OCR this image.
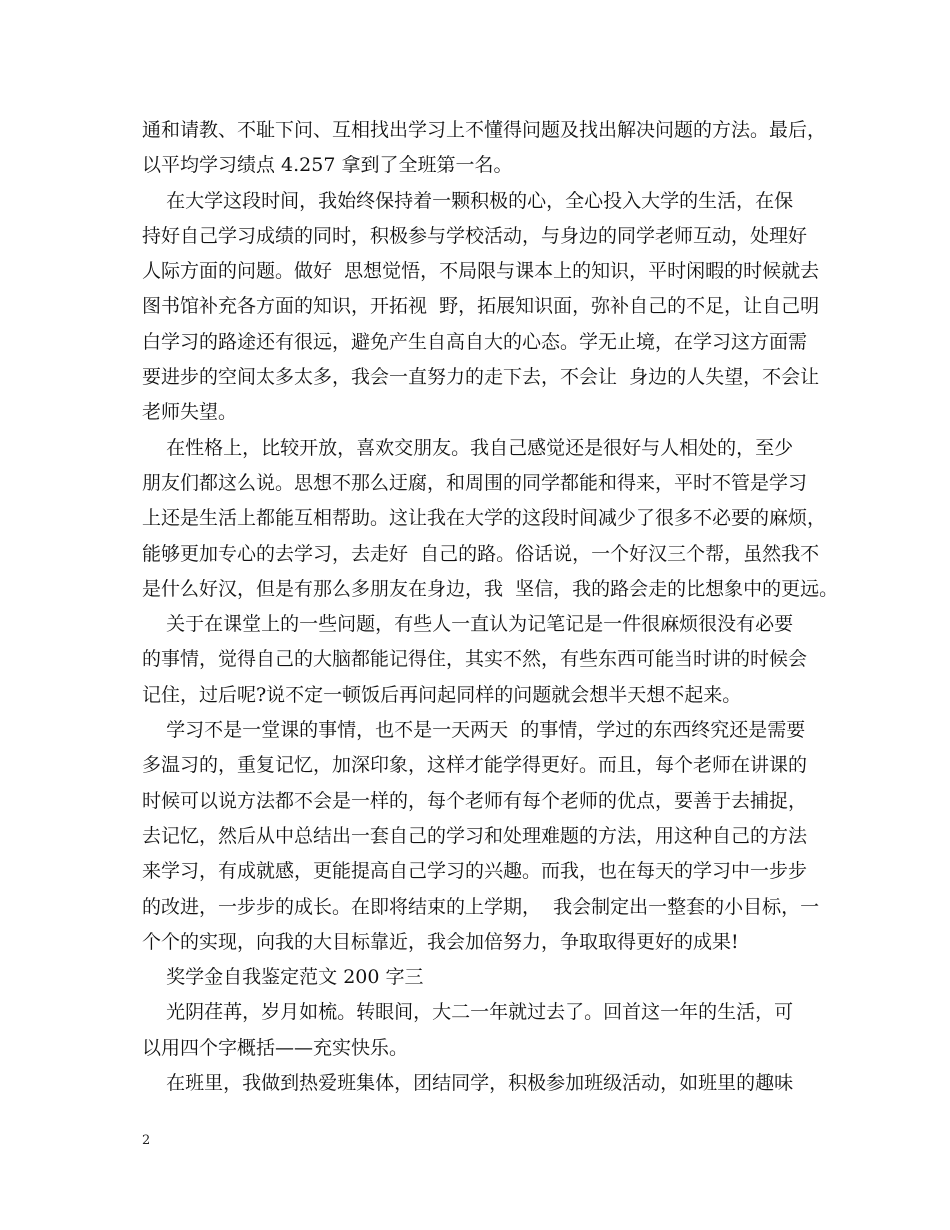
通和请教、不耻下问、互相找出学习上不懂得问题及找出解决问题的方法。最后，
以平均学习绩点 4.257 拿到了全班第一名。
在大学这段时间，我始终保持着一颗积极的心，全心投入大学的生活，在保
持好自己学习成绩的同时，积极参与学校活动，与身边的同学老师互动，处理好
人际方面的问题。做好  思想觉悟，不局限与课本上的知识，平时闲暇的时候就去
图书馆补充各方面的知识，开拓视  野，拓展知识面，弥补自己的不足，让自己明
白学习的路途还有很远，避免产生自高自大的心态。学无止境，在学习这方面需
要进步的空间太多太多，我会一直努力的走下去，不会让  身边的人失望，不会让
老师失望。
在性格上，比较开放，喜欢交朋友。我自己感觉还是很好与人相处的，至少
朋友们都这么说。思想不那么迂腐，和周围的同学都能和得来，平时不管是学习
上还是生活上都能互相帮助。这让我在大学的这段时间减少了很多不必要的麻烦，
能够更加专心的去学习，去走好  自己的路。俗话说，一个好汉三个帮，虽然我不
是什么好汉，但是有那么多朋友在身边，我  坚信，我的路会走的比想象中的更远。
关于在课堂上的一些问题，有些人一直认为记笔记是一件很麻烦很没有必要
的事情，觉得自己的大脑都能记得住，其实不然，有些东西可能当时讲的时候会
记住，过后呢?说不定一顿饭后再问起同样的问题就会想半天想不起来。
学习不是一堂课的事情，也不是一天两天  的事情，学过的东西终究还是需要
多温习的，重复记忆，加深印象，这样才能学得更好。而且，每个老师在讲课的
时候可以说方法都不会是一样的，每个老师有每个老师的优点，要善于去捕捉，
去记忆，然后从中总结出一套自己的学习和处理难题的方法，用这种自己的方法
来学习，有成就感，更能提高自己学习的兴趣。而我，也在每天的学习中一步步
的改进，一步步的成长。在即将结束的上学期，  我会制定出一整套的小目标，一
个个的实现，向我的大目标靠近，我会加倍努力，争取取得更好的成果!
奖学金自我鉴定范文 200 字三
光阴荏苒，岁月如梳。转眼间，大二一年就过去了。回首这一年的生活，可
以用四个字概括——充实快乐。
在班里，我做到热爱班集体，团结同学，积极参加班级活动，如班里的趣味
2
